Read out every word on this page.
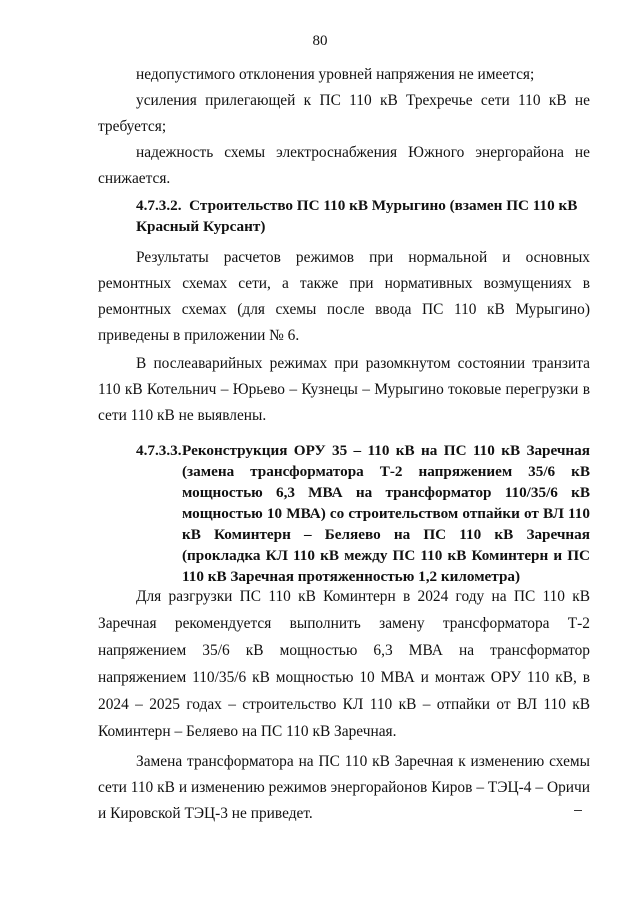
80

недопустимого отклонения уровней напряжения не имеется;

усиления прилегающей к ПС 110 кВ Трехречье сети 110 кВ не требуется;

надежность схемы электроснабжения Южного энергорайона не снижается.

4.7.3.2. Строительство ПС 110 кВ Мурыгино (взамен ПС 110 кВ Красный Курсант)

Результаты расчетов режимов при нормальной и основных ремонтных схемах сети, а также при нормативных возмущениях в ремонтных схемах (для схемы после ввода ПС 110 кВ Мурыгино) приведены в приложении № 6.

В послеаварийных режимах при разомкнутом состоянии транзита 110 кВ Котельнич – Юрьево – Кузнецы – Мурыгино токовые перегрузки в сети 110 кВ не выявлены.

4.7.3.3. Реконструкция ОРУ 35 – 110 кВ на ПС 110 кВ Заречная (замена трансформатора Т-2 напряжением 35/6 кВ мощностью 6,3 МВА на трансформатор 110/35/6 кВ мощностью 10 МВА) со строительством отпайки от ВЛ 110 кВ Коминтерн – Беляево на ПС 110 кВ Заречная (прокладка КЛ 110 кВ между ПС 110 кВ Коминтерн и ПС 110 кВ Заречная протяженностью 1,2 километра)

Для разгрузки ПС 110 кВ Коминтерн в 2024 году на ПС 110 кВ Заречная рекомендуется выполнить замену трансформатора Т-2 напряжением 35/6 кВ мощностью 6,3 МВА на трансформатор напряжением 110/35/6 кВ мощностью 10 МВА и монтаж ОРУ 110 кВ, в 2024 – 2025 годах – строительство КЛ 110 кВ – отпайки от ВЛ 110 кВ Коминтерн – Беляево на ПС 110 кВ Заречная.

Замена трансформатора на ПС 110 кВ Заречная к изменению схемы сети 110 кВ и изменению режимов энергорайонов Киров – ТЭЦ-4 – Оричи и Кировской ТЭЦ-3 не приведет.
